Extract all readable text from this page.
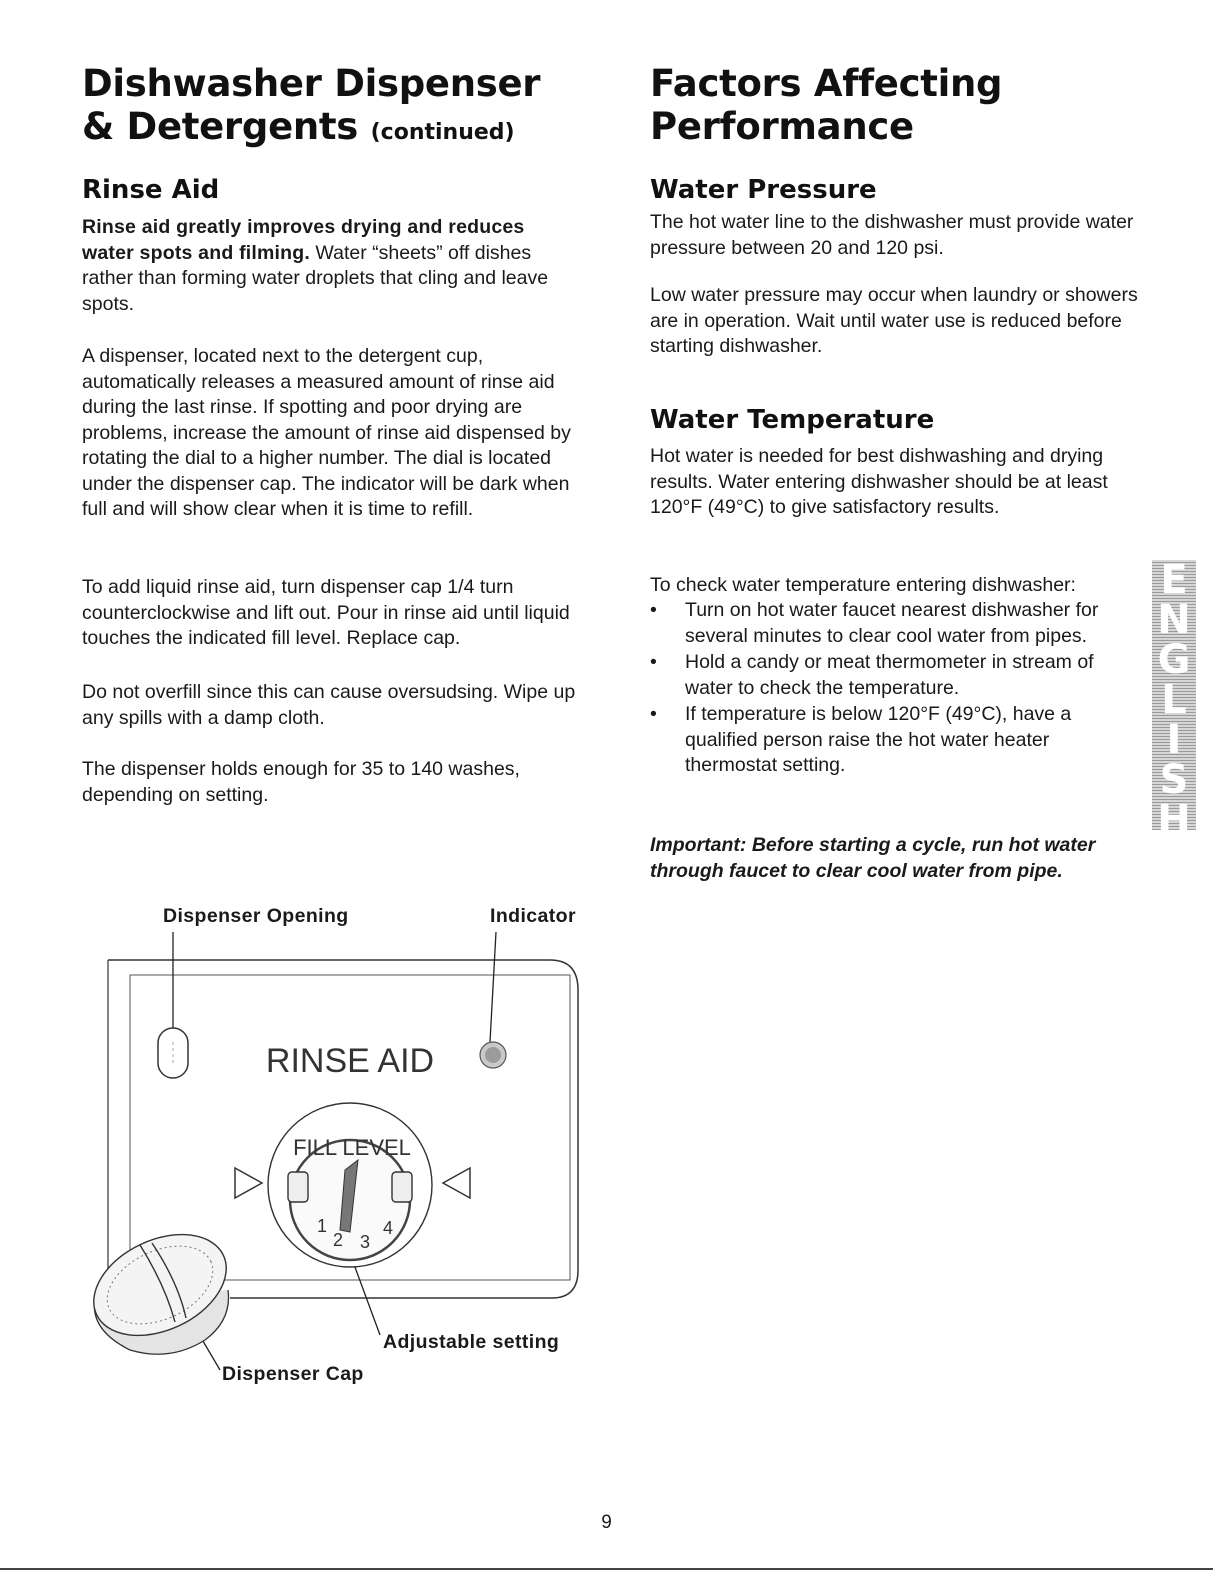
Dishwasher Dispenser
& Detergents (continued)
Rinse Aid

Rinse aid greatly improves drying and reduces water spots and filming. Water “sheets” off dishes rather than forming water droplets that cling and leave spots.

A dispenser, located next to the detergent cup, automatically releases a measured amount of rinse aid during the last rinse. If spotting and poor drying are problems, increase the amount of rinse aid dispensed by rotating the dial to a higher number. The dial is located under the dispenser cap. The indicator will be dark when full and will show clear when it is time to refill.

To add liquid rinse aid, turn dispenser cap 1/4 turn counterclockwise and lift out. Pour in rinse aid until liquid touches the indicated fill level. Replace cap.

Do not overfill since this can cause oversudsing. Wipe up any spills with a damp cloth.

The dispenser holds enough for 35 to 140 washes, depending on setting.

Dispenser Opening	Indicator
Adjustable setting
Dispenser Cap
RINSE AID
FILL LEVEL
1
2 3
4
Factors Affecting
Performance
Water Pressure

The hot water line to the dishwasher must provide water pressure between 20 and 120 psi.

Low water pressure may occur when laundry or showers are in operation. Wait until water use is reduced before starting dishwasher.

Water Temperature

Hot water is needed for best dishwashing and drying results. Water entering dishwasher should be at least 120°F (49°C) to give satisfactory results.

To check water temperature entering dishwasher:

• Turn on hot water faucet nearest dishwasher for several minutes to clear cool water from pipes.
• Hold a candy or meat thermometer in stream of water to check the temperature.
• If temperature is below 120°F (49°C), have a qualified person raise the hot water heater thermostat setting.

Important: Before starting a cycle, run hot water through faucet to clear cool water from pipe.

E
N
G
L
I
S
H
9
